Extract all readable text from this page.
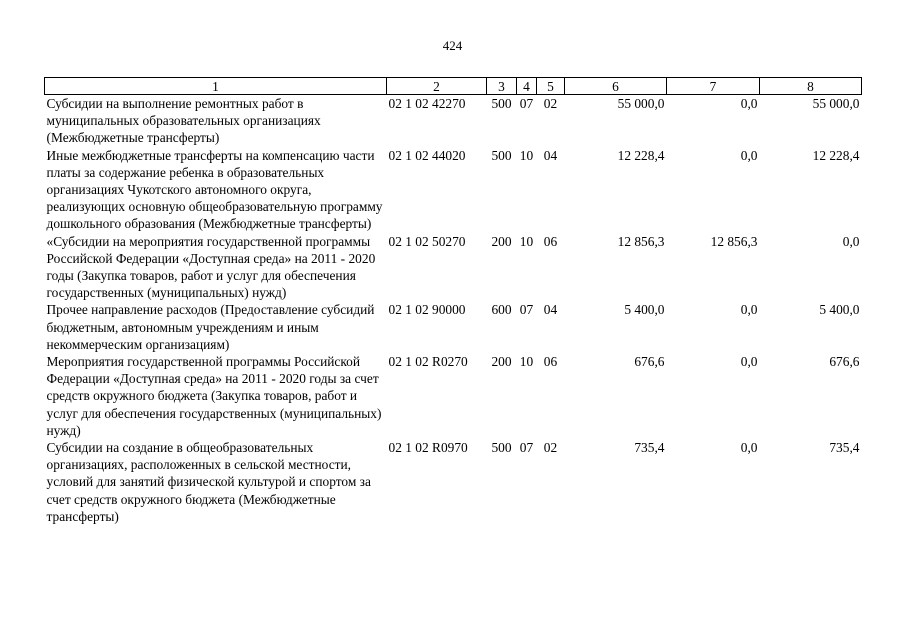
424
1	2	3	4	5	6	7	8
Субсидии на выполнение ремонтных работ в муниципальных образовательных организациях (Межбюджетные трансферты)	02 1 02 42270	500	07	02	55 000,0	0,0	55 000,0
Иные межбюджетные трансферты на компенсацию части платы за содержание ребенка в образовательных организациях Чукотского автономного округа, реализующих основную общеобразовательную программу дошкольного образования (Межбюджетные трансферты)	02 1 02 44020	500	10	04	12 228,4	0,0	12 228,4
«Субсидии на мероприятия государственной программы Российской Федерации «Доступная среда» на 2011 - 2020 годы (Закупка товаров, работ и услуг для обеспечения государственных (муниципальных) нужд)	02 1 02 50270	200	10	06	12 856,3	12 856,3	0,0
Прочее направление расходов (Предоставление субсидий бюджетным, автономным учреждениям и иным некоммерческим организациям)	02 1 02 90000	600	07	04	5 400,0	0,0	5 400,0
Мероприятия государственной программы Российской Федерации «Доступная среда» на 2011 - 2020 годы за счет средств окружного бюджета (Закупка товаров, работ и услуг для обеспечения государственных (муниципальных) нужд)	02 1 02 R0270	200	10	06	676,6	0,0	676,6
Субсидии на создание в общеобразовательных организациях, расположенных в сельской местности, условий для занятий физической культурой и спортом за счет средств окружного бюджета (Межбюджетные трансферты)	02 1 02 R0970	500	07	02	735,4	0,0	735,4
